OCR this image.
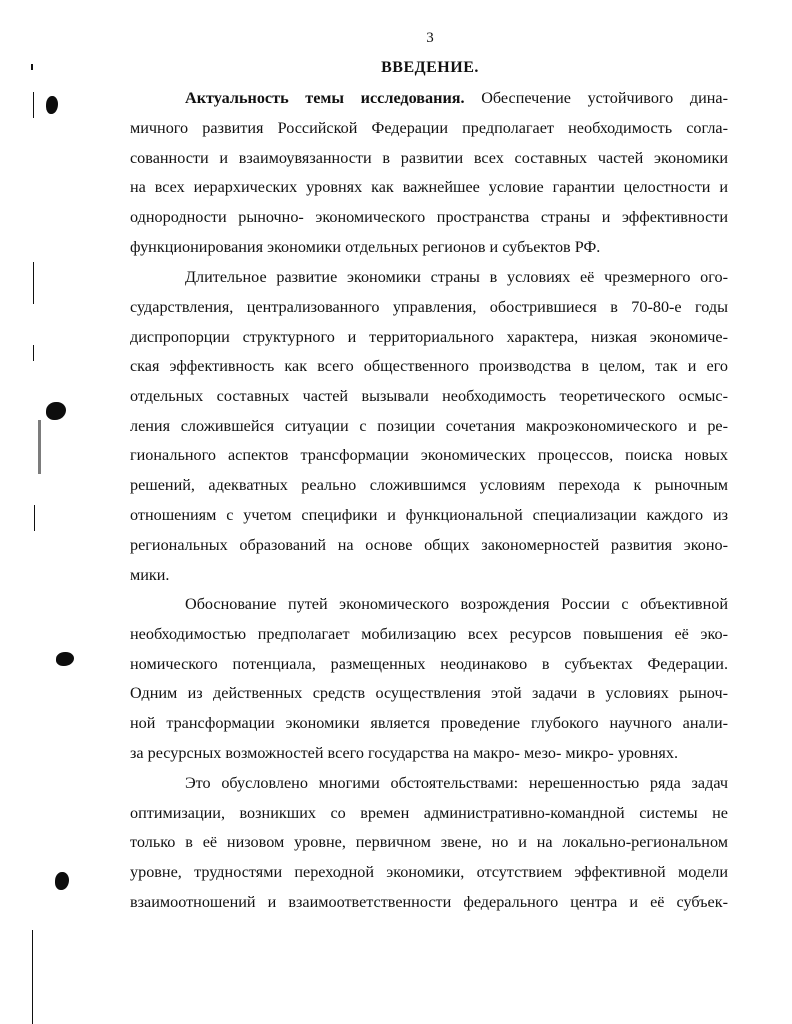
3
ВВЕДЕНИЕ.
Актуальность темы исследования. Обеспечение устойчивого дина-
мичного развития Российской Федерации предполагает необходимость согла-
сованности и взаимоувязанности в развитии всех составных частей экономики
на всех иерархических уровнях как важнейшее условие гарантии целостности и
однородности рыночно- экономического пространства страны и эффективности
функционирования экономики отдельных регионов и субъектов РФ.
Длительное развитие экономики страны в условиях её чрезмерного ого-
сударствления, централизованного управления, обострившиеся в 70-80-е годы
диспропорции структурного и территориального характера, низкая экономиче-
ская эффективность как всего общественного производства в целом, так и его
отдельных составных частей вызывали необходимость теоретического осмыс-
ления сложившейся ситуации с позиции сочетания макроэкономического и ре-
гионального аспектов трансформации экономических процессов, поиска новых
решений, адекватных реально сложившимся условиям перехода к рыночным
отношениям с учетом специфики и функциональной специализации каждого из
региональных образований на основе общих закономерностей развития эконо-
мики.
Обоснование путей экономического возрождения России с объективной
необходимостью предполагает мобилизацию всех ресурсов повышения её эко-
номического потенциала, размещенных неодинаково в субъектах Федерации.
Одним из действенных средств осуществления этой задачи в условиях рыноч-
ной трансформации экономики является проведение глубокого научного анали-
за ресурсных возможностей всего государства на макро- мезо- микро- уровнях.
Это обусловлено многими обстоятельствами: нерешенностью ряда задач
оптимизации, возникших со времен административно-командной системы не
только в её низовом уровне, первичном звене, но и на локально-региональном
уровне, трудностями переходной экономики, отсутствием эффективной модели
взаимоотношений и взаимоответственности федерального центра и её субъек-
